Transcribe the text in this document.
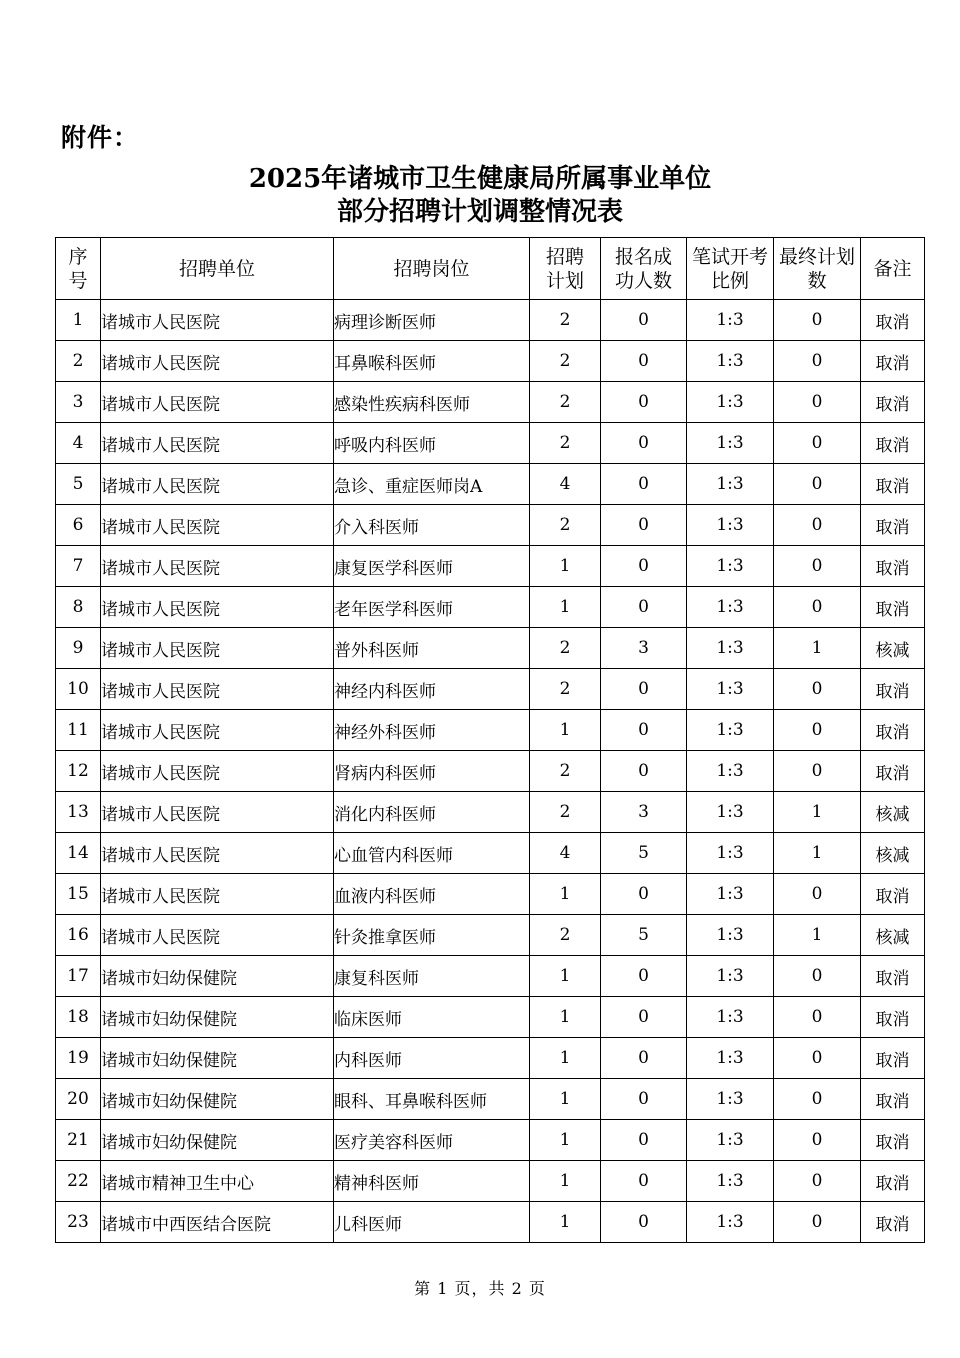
附件：
2025年诸城市卫生健康局所属事业单位
部分招聘计划调整情况表
序号	招聘单位	招聘岗位	招聘计划	报名成功人数	笔试开考比例	最终计划数	备注
1	诸城市人民医院	病理诊断医师	2	0	1:3	0	取消
2	诸城市人民医院	耳鼻喉科医师	2	0	1:3	0	取消
3	诸城市人民医院	感染性疾病科医师	2	0	1:3	0	取消
4	诸城市人民医院	呼吸内科医师	2	0	1:3	0	取消
5	诸城市人民医院	急诊、重症医师岗A	4	0	1:3	0	取消
6	诸城市人民医院	介入科医师	2	0	1:3	0	取消
7	诸城市人民医院	康复医学科医师	1	0	1:3	0	取消
8	诸城市人民医院	老年医学科医师	1	0	1:3	0	取消
9	诸城市人民医院	普外科医师	2	3	1:3	1	核减
10	诸城市人民医院	神经内科医师	2	0	1:3	0	取消
11	诸城市人民医院	神经外科医师	1	0	1:3	0	取消
12	诸城市人民医院	肾病内科医师	2	0	1:3	0	取消
13	诸城市人民医院	消化内科医师	2	3	1:3	1	核减
14	诸城市人民医院	心血管内科医师	4	5	1:3	1	核减
15	诸城市人民医院	血液内科医师	1	0	1:3	0	取消
16	诸城市人民医院	针灸推拿医师	2	5	1:3	1	核减
17	诸城市妇幼保健院	康复科医师	1	0	1:3	0	取消
18	诸城市妇幼保健院	临床医师	1	0	1:3	0	取消
19	诸城市妇幼保健院	内科医师	1	0	1:3	0	取消
20	诸城市妇幼保健院	眼科、耳鼻喉科医师	1	0	1:3	0	取消
21	诸城市妇幼保健院	医疗美容科医师	1	0	1:3	0	取消
22	诸城市精神卫生中心	精神科医师	1	0	1:3	0	取消
23	诸城市中西医结合医院	儿科医师	1	0	1:3	0	取消
第 1 页，共 2 页
